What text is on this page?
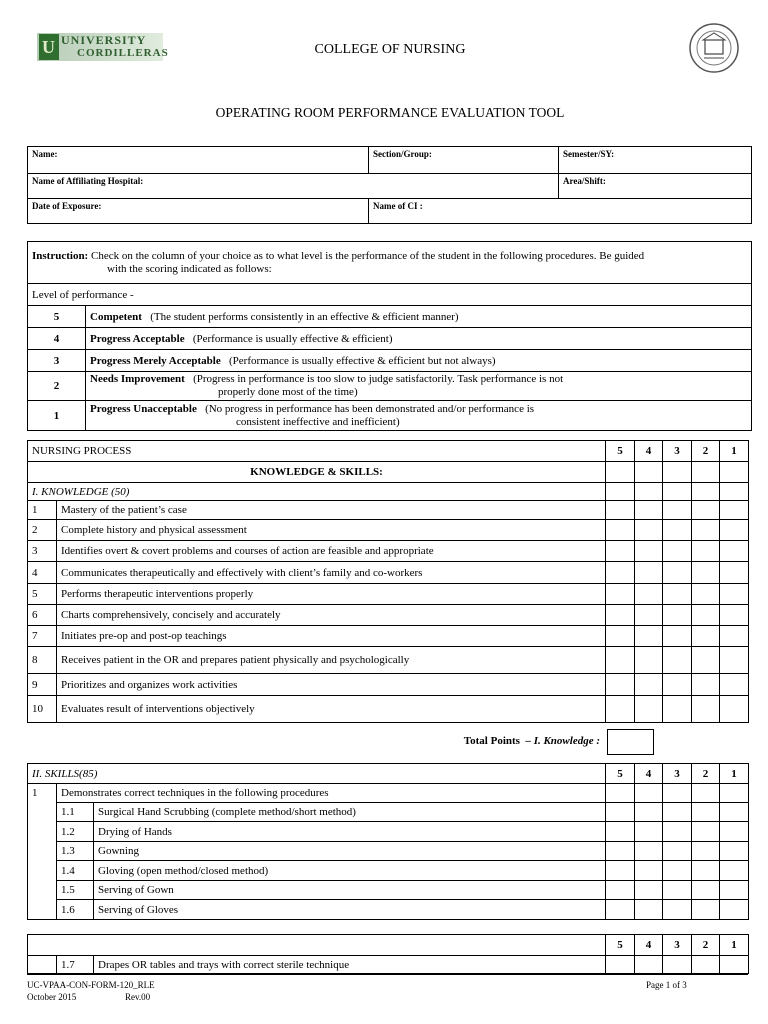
U UNIVERSITY
CORDILLERAS	COLLEGE OF NURSING
OPERATING ROOM PERFORMANCE EVALUATION TOOL
Name:	Section/Group:	Semester/SY:
Name of Affiliating Hospital:		Area/Shift:
Date of Exposure:	Name of CI :	
Instruction: Check on the column of your choice as to what level is the performance of the student in the following procedures. Be guided
with the scoring indicated as follows:	
Level of performance -	
5	Competent (The student performs consistently in an effective & efficient manner)
4	Progress Acceptable (Performance is usually effective & efficient)
3	Progress Merely Acceptable (Performance is usually effective & efficient but not always)
2	Needs Improvement (Progress in performance is too slow to judge satisfactorily. Task performance is not
properly done most of the time)
1	Progress Unacceptable (No progress in performance has been demonstrated and/or performance is
consistent ineffective and inefficient)
NURSING PROCESS		5	4	3	2	1
KNOWLEDGE & SKILLS:						
I. KNOWLEDGE (50)						
1	Mastery of the patient’s case					
2	Complete history and physical assessment					
3	Identifies overt & covert problems and courses of action are feasible and appropriate					
4	Communicates therapeutically and effectively with client’s family and co-workers					
5	Performs therapeutic interventions properly					
6	Charts comprehensively, concisely and accurately					
7	Initiates pre-op and post-op teachings					
8	Receives patient in the OR and prepares patient physically and psychologically					
9	Prioritizes and organizes work activities					
10	Evaluates result of interventions objectively					
Total Points – I. Knowledge :
II. SKILLS(85)			5	4	3	2	1
1	Demonstrates correct techniques in the following procedures						
	1.1	Surgical Hand Scrubbing (complete method/short method)					
	1.2	Drying of Hands					
	1.3	Gowning					
	1.4	Gloving (open method/closed method)					
	1.5	Serving of Gown					
	1.6	Serving of Gloves					
			5	4	3	2	1
	1.7	Drapes OR tables and trays with correct sterile technique					
UC-VPAA-CON-FORM-120_RLE
October 2015	Rev.00
Page 1 of 3
